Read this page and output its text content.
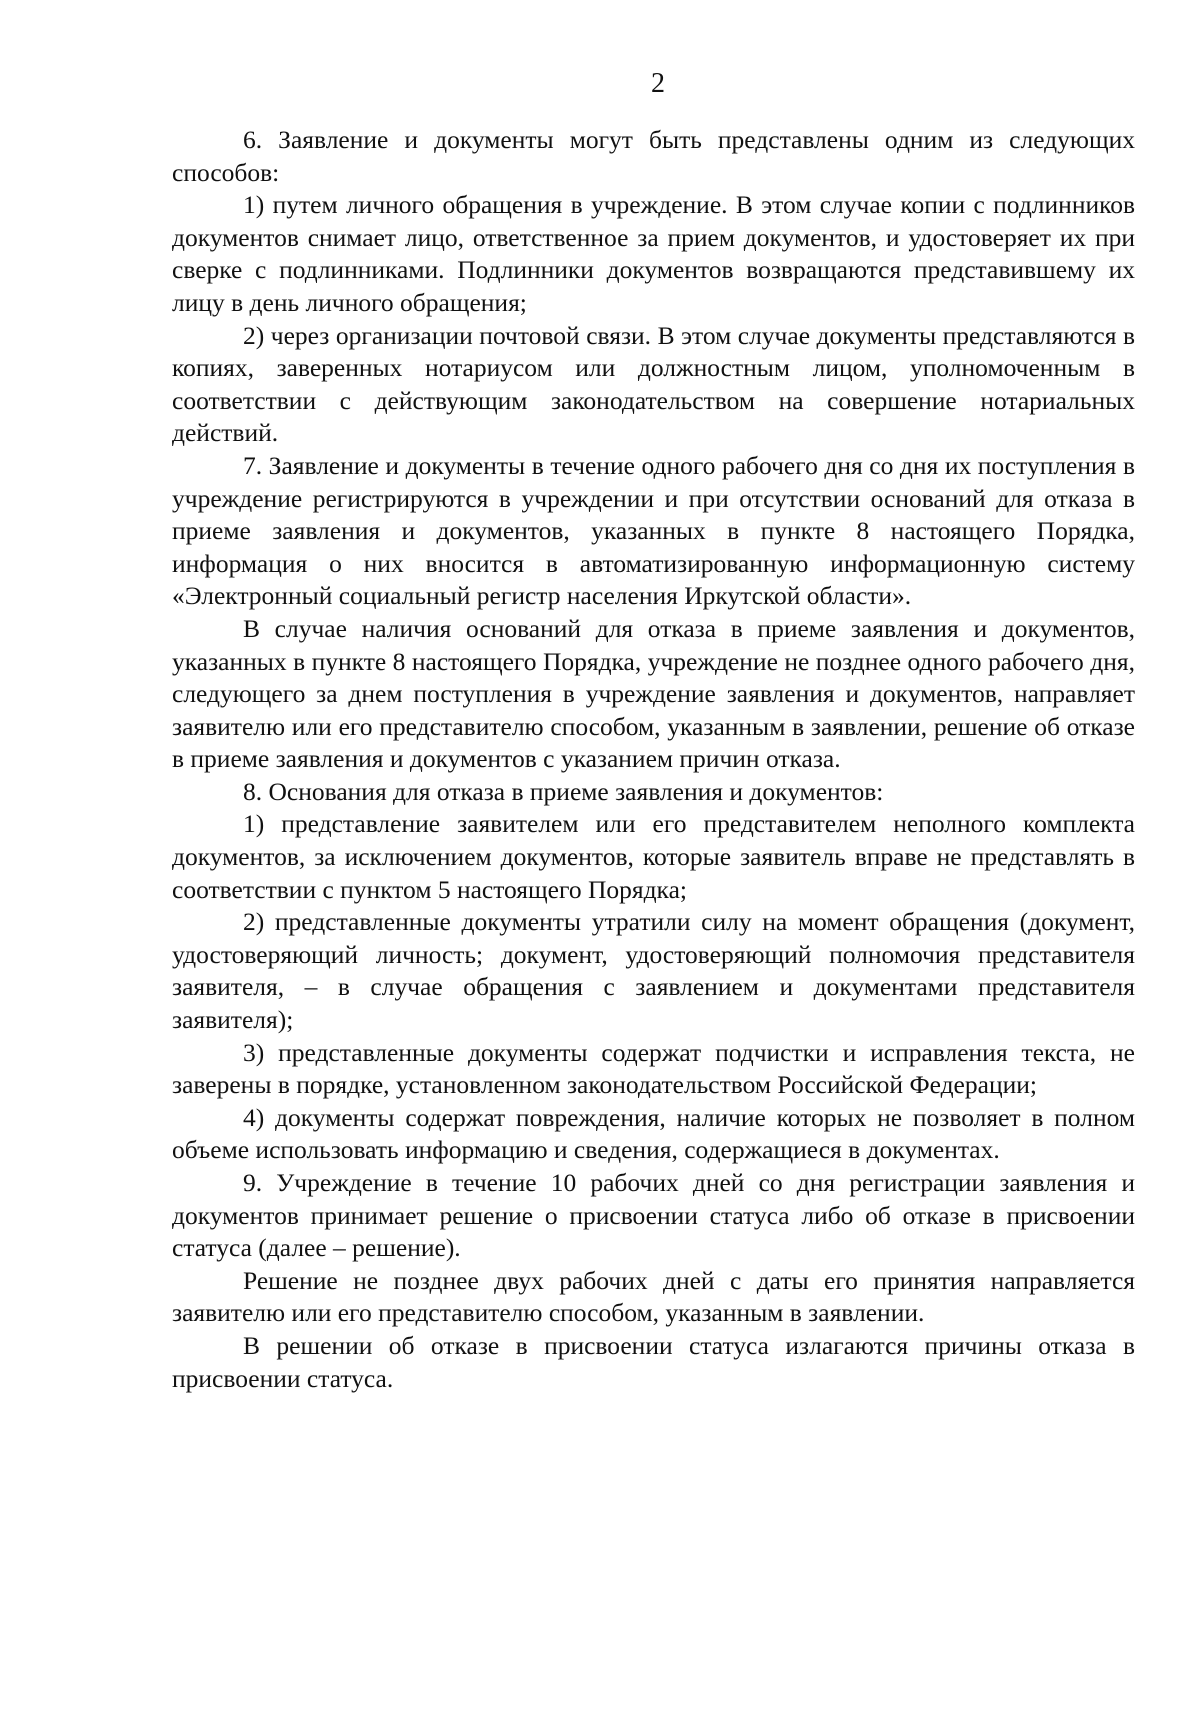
2

6. Заявление и документы могут быть представлены одним из следующих способов:

1) путем личного обращения в учреждение. В этом случае копии с подлинников документов снимает лицо, ответственное за прием документов, и удостоверяет их при сверке с подлинниками. Подлинники документов возвращаются представившему их лицу в день личного обращения;

2) через организации почтовой связи. В этом случае документы представляются в копиях, заверенных нотариусом или должностным лицом, уполномоченным в соответствии с действующим законодательством на совершение нотариальных действий.

7. Заявление и документы в течение одного рабочего дня со дня их поступления в учреждение регистрируются в учреждении и при отсутствии оснований для отказа в приеме заявления и документов, указанных в пункте 8 настоящего Порядка, информация о них вносится в автоматизированную информационную систему «Электронный социальный регистр населения Иркутской области».

В случае наличия оснований для отказа в приеме заявления и документов, указанных в пункте 8 настоящего Порядка, учреждение не позднее одного рабочего дня, следующего за днем поступления в учреждение заявления и документов, направляет заявителю или его представителю способом, указанным в заявлении, решение об отказе в приеме заявления и документов с указанием причин отказа.

8. Основания для отказа в приеме заявления и документов:

1) представление заявителем или его представителем неполного комплекта документов, за исключением документов, которые заявитель вправе не представлять в соответствии с пунктом 5 настоящего Порядка;

2) представленные документы утратили силу на момент обращения (документ, удостоверяющий личность; документ, удостоверяющий полномочия представителя заявителя, – в случае обращения с заявлением и документами представителя заявителя);

3) представленные документы содержат подчистки и исправления текста, не заверены в порядке, установленном законодательством Российской Федерации;

4) документы содержат повреждения, наличие которых не позволяет в полном объеме использовать информацию и сведения, содержащиеся в документах.

9. Учреждение в течение 10 рабочих дней со дня регистрации заявления и документов принимает решение о присвоении статуса либо об отказе в присвоении статуса (далее – решение).

Решение не позднее двух рабочих дней с даты его принятия направляется заявителю или его представителю способом, указанным в заявлении.

В решении об отказе в присвоении статуса излагаются причины отказа в присвоении статуса.
